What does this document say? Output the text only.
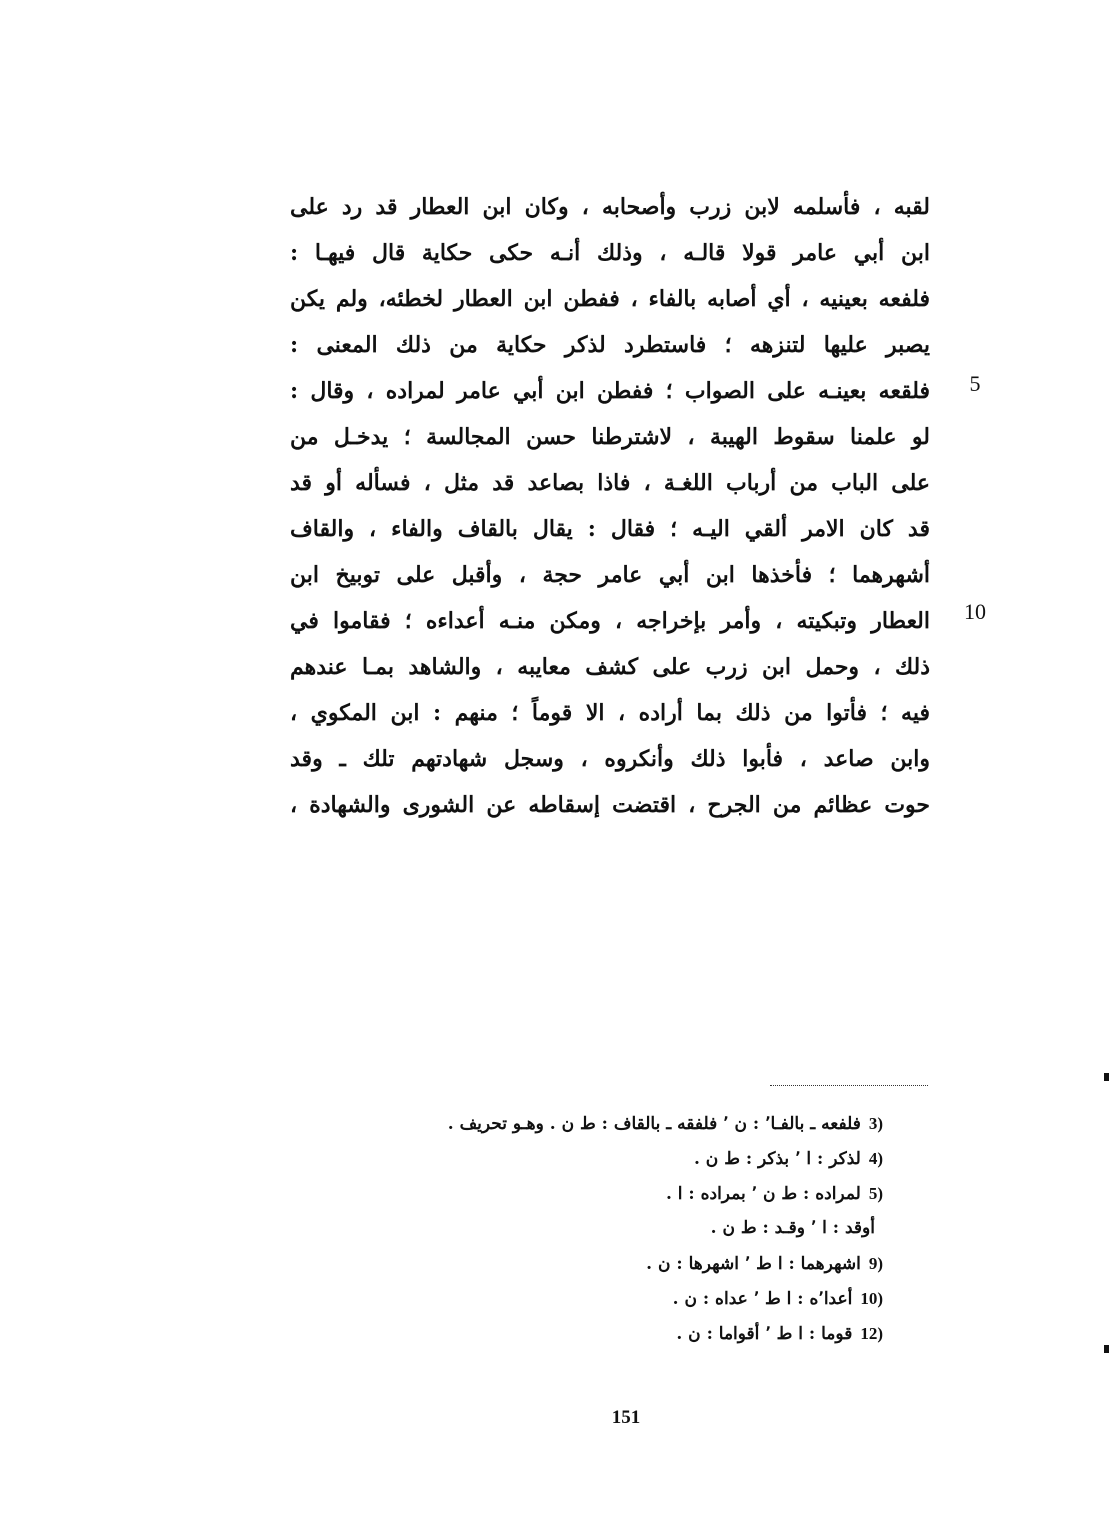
لقبه ، فأسلمه لابن زرب وأصحابه ، وكان ابن العطار قد رد على
ابن أبي عامر قولا قالـه ، وذلك أنـه حكى حكاية قال فيهـا :
فلفعه بعينيه ، أي أصابه بالفاء ، ففطن ابن العطار لخطئه، ولم يكن
يصبر عليها لتنزهه ؛ فاستطرد لذكر حكاية من ذلك المعنى :
فلقعه بعينـه على الصواب ؛ ففطن ابن أبي عامر لمراده ، وقال :
لو علمنا سقوط الهيبة ، لاشترطنا حسن المجالسة ؛ يدخـل من
على الباب من أرباب اللغـة ، فاذا بصاعد قد مثل ، فسأله أو قد
قد كان الامر ألقي اليـه ؛ فقال : يقال بالقاف والفاء ، والقاف
أشهرهما ؛ فأخذها ابن أبي عامر حجة ، وأقبل على توبيخ ابن
العطار وتبكيته ، وأمر بإخراجه ، ومكن منـه أعداءه ؛ فقاموا في
ذلك ، وحمل ابن زرب على كشف معايبه ، والشاهد بمـا عندهم
فيه ؛ فأتوا من ذلك بما أراده ، الا قوماً ؛ منهم : ابن المكوي ،
وابن صاعد ، فأبوا ذلك وأنكروه ، وسجل شهادتهم تلك ـ وقد
حوت عظائم من الجرح ، اقتضت إسقاطه عن الشورى والشهادة ،
5
10
3)فلفعه ـ بالفـا٬ : ن ٬ فلفقه ـ بالقاف : ط ن . وهـو تحريف .
4)لذكر : ا ٬ بذكر : ط ن .
5)لمراده : ط ن ٬ بمراده : ا .
أوقد : ا ٬ وقـد : ط ن .
9)اشهرهما : ا ط ٬ اشهرها : ن .
10)أعدا٬ه : ا ط ٬ عداه : ن .
12)قوما : ا ط ٬ أقواما : ن .
151
